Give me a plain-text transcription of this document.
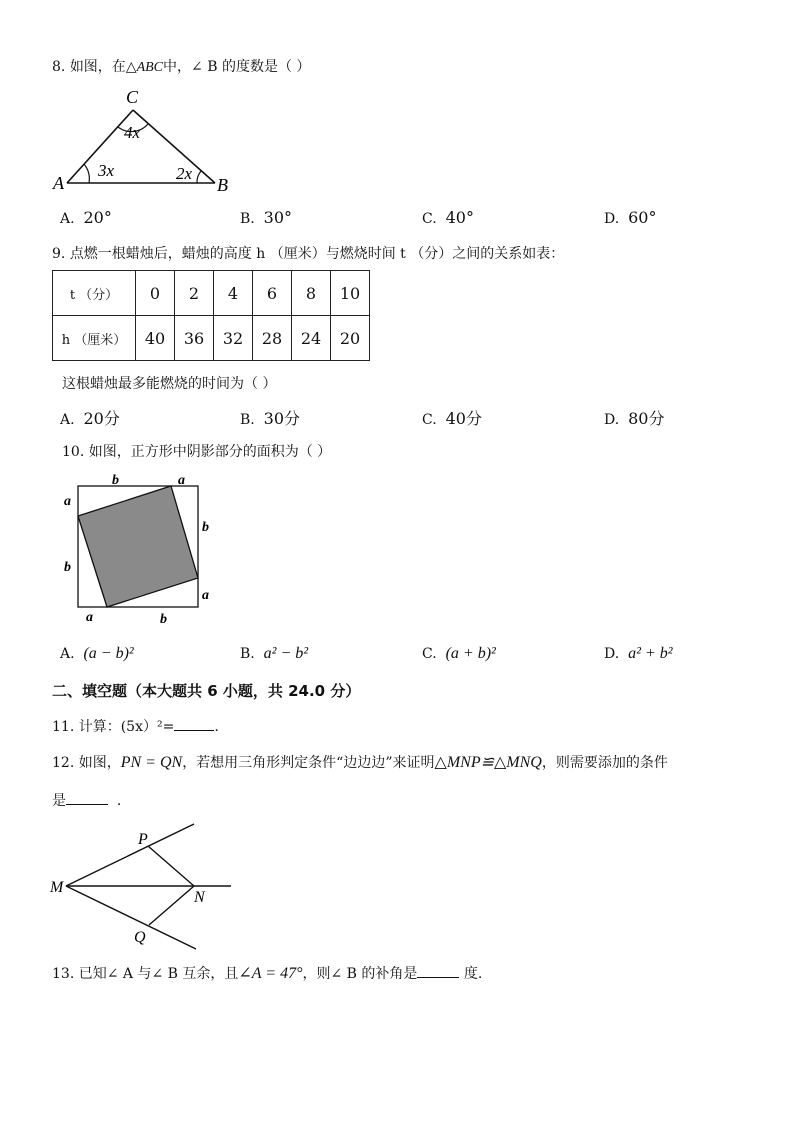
8. 如图，在△ABC中，∠ B 的度数是（ ）
C
A	B
4x
3x	2x
A. 20°	B. 30°	C. 40°	D. 60°
9. 点燃一根蜡烛后，蜡烛的高度 h （厘米）与燃烧时间 t （分）之间的关系如表：
t （分）	0	2	4	6	8	10
h （厘米）	40	36	32	28	24	20
这根蜡烛最多能燃烧的时间为（ ）
A. 20分	B. 30分	C. 40分	D. 80分
10. 如图，正方形中阴影部分的面积为（ ）
b	a
a
b
b
a
a	b
A. (a − b)²	B. a² − b²	C. (a + b)²	D. a² + b²
二、填空题（本大题共 6 小题，共 24.0 分）
11. 计算：(5x）²=	.
12. 如图，PN = QN，若想用三角形判定条件“边边边”来证明△MNP≌△MNQ，则需要添加的条件
是	.
P
M
N
Q
13. 已知∠ A 与∠ B 互余，且∠A = 47°，则∠ B 的补角是	度.
